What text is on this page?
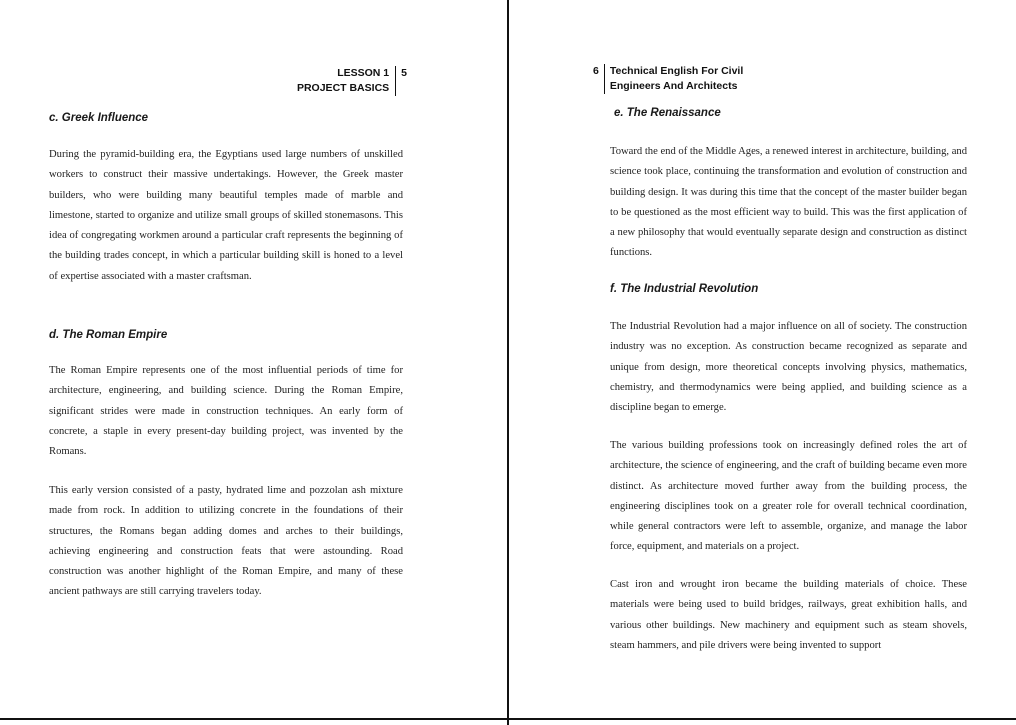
LESSON 1
PROJECT BASICS
5
c. Greek Influence

During the pyramid-building era, the Egyptians used large numbers of unskilled workers to construct their massive undertakings. However, the Greek master builders, who were building many beautiful temples made of marble and limestone, started to organize and utilize small groups of skilled stonemasons. This idea of congregating workmen around a particular craft represents the beginning of the building trades concept, in which a particular building skill is honed to a level of expertise associated with a master craftsman.

d. The Roman Empire

The Roman Empire represents one of the most influential periods of time for architecture, engineering, and building science. During the Roman Empire, significant strides were made in construction techniques. An early form of concrete, a staple in every present-day building project, was invented by the Romans.

This early version consisted of a pasty, hydrated lime and pozzolan ash mixture made from rock. In addition to utilizing concrete in the foundations of their structures, the Romans began adding domes and arches to their buildings, achieving engineering and construction feats that were astounding. Road construction was another highlight of the Roman Empire, and many of these ancient pathways are still carrying travelers today.

6	Technical English For Civil
Engineers And Architects
e. The Renaissance

Toward the end of the Middle Ages, a renewed interest in architecture, building, and science took place, continuing the transformation and evolution of construction and building design. It was during this time that the concept of the master builder began to be questioned as the most efficient way to build. This was the first application of a new philosophy that would eventually separate design and construction as distinct functions.

f. The Industrial Revolution

The Industrial Revolution had a major influence on all of society. The construction industry was no exception. As construction became recognized as separate and unique from design, more theoretical concepts involving physics, mathematics, chemistry, and thermodynamics were being applied, and building science as a discipline began to emerge.

The various building professions took on increasingly defined roles the art of architecture, the science of engineering, and the craft of building became even more distinct. As architecture moved further away from the building process, the engineering disciplines took on a greater role for overall technical coordination, while general contractors were left to assemble, organize, and manage the labor force, equipment, and materials on a project.

Cast iron and wrought iron became the building materials of choice. These materials were being used to build bridges, railways, great exhibition halls, and various other buildings. New machinery and equipment such as steam shovels, steam hammers, and pile drivers were being invented to support
